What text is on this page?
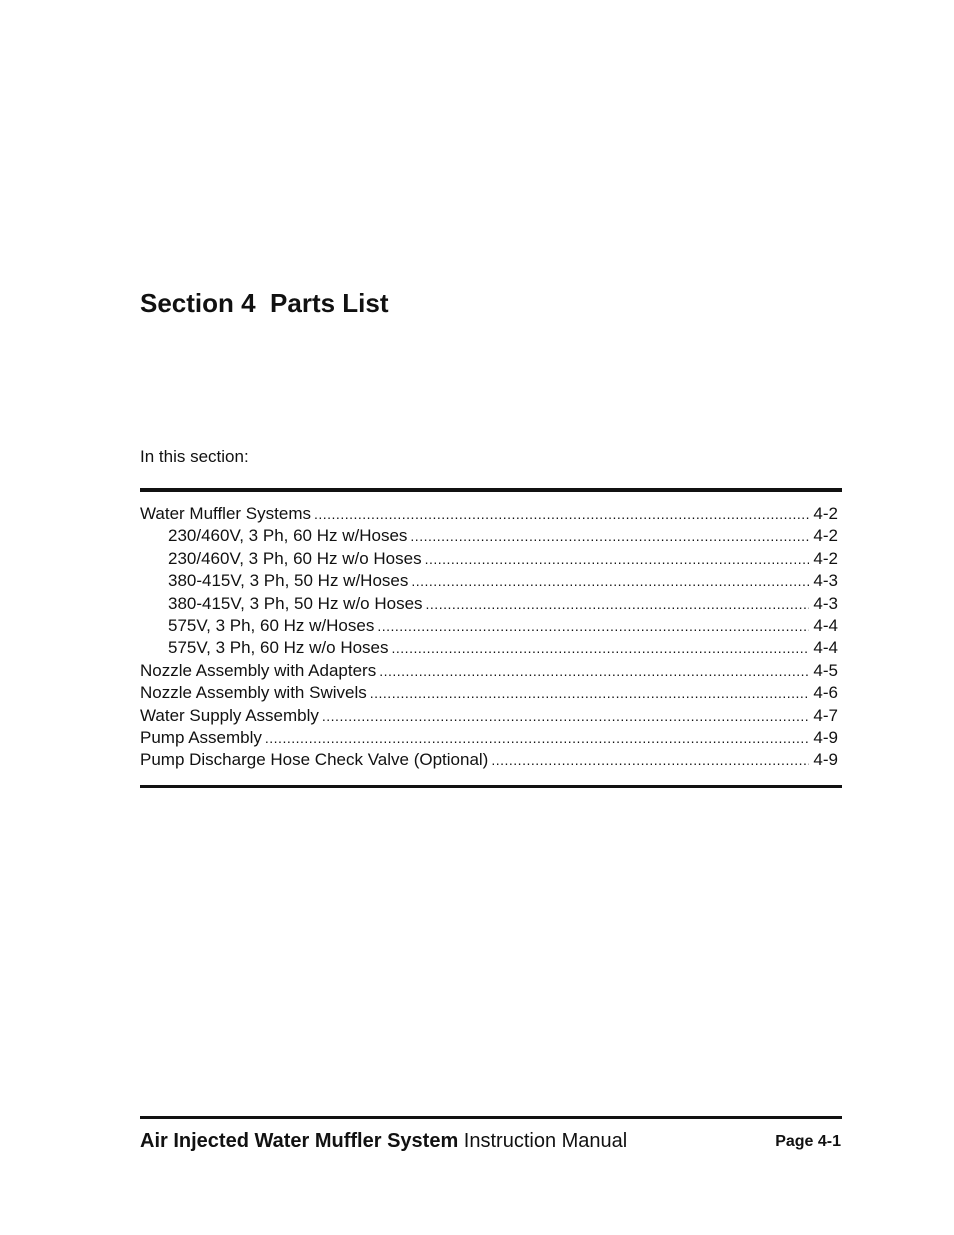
Section 4  Parts List

In this section:

Water Muffler Systems .....	4-2
230/460V, 3 Ph, 60 Hz w/Hoses .....	4-2
230/460V, 3 Ph, 60 Hz w/o Hoses .....	4-2
380-415V, 3 Ph, 50 Hz w/Hoses .....	4-3
380-415V, 3 Ph, 50 Hz w/o Hoses .....	4-3
575V, 3 Ph, 60 Hz w/Hoses .....	4-4
575V, 3 Ph, 60 Hz w/o Hoses .....	4-4
Nozzle Assembly with Adapters .....	4-5
Nozzle Assembly with Swivels .....	4-6
Water Supply Assembly .....	4-7
Pump Assembly .....	4-9
Pump Discharge Hose Check Valve (Optional) .....	4-9

Air Injected Water Muffler System Instruction Manual	Page 4-1
